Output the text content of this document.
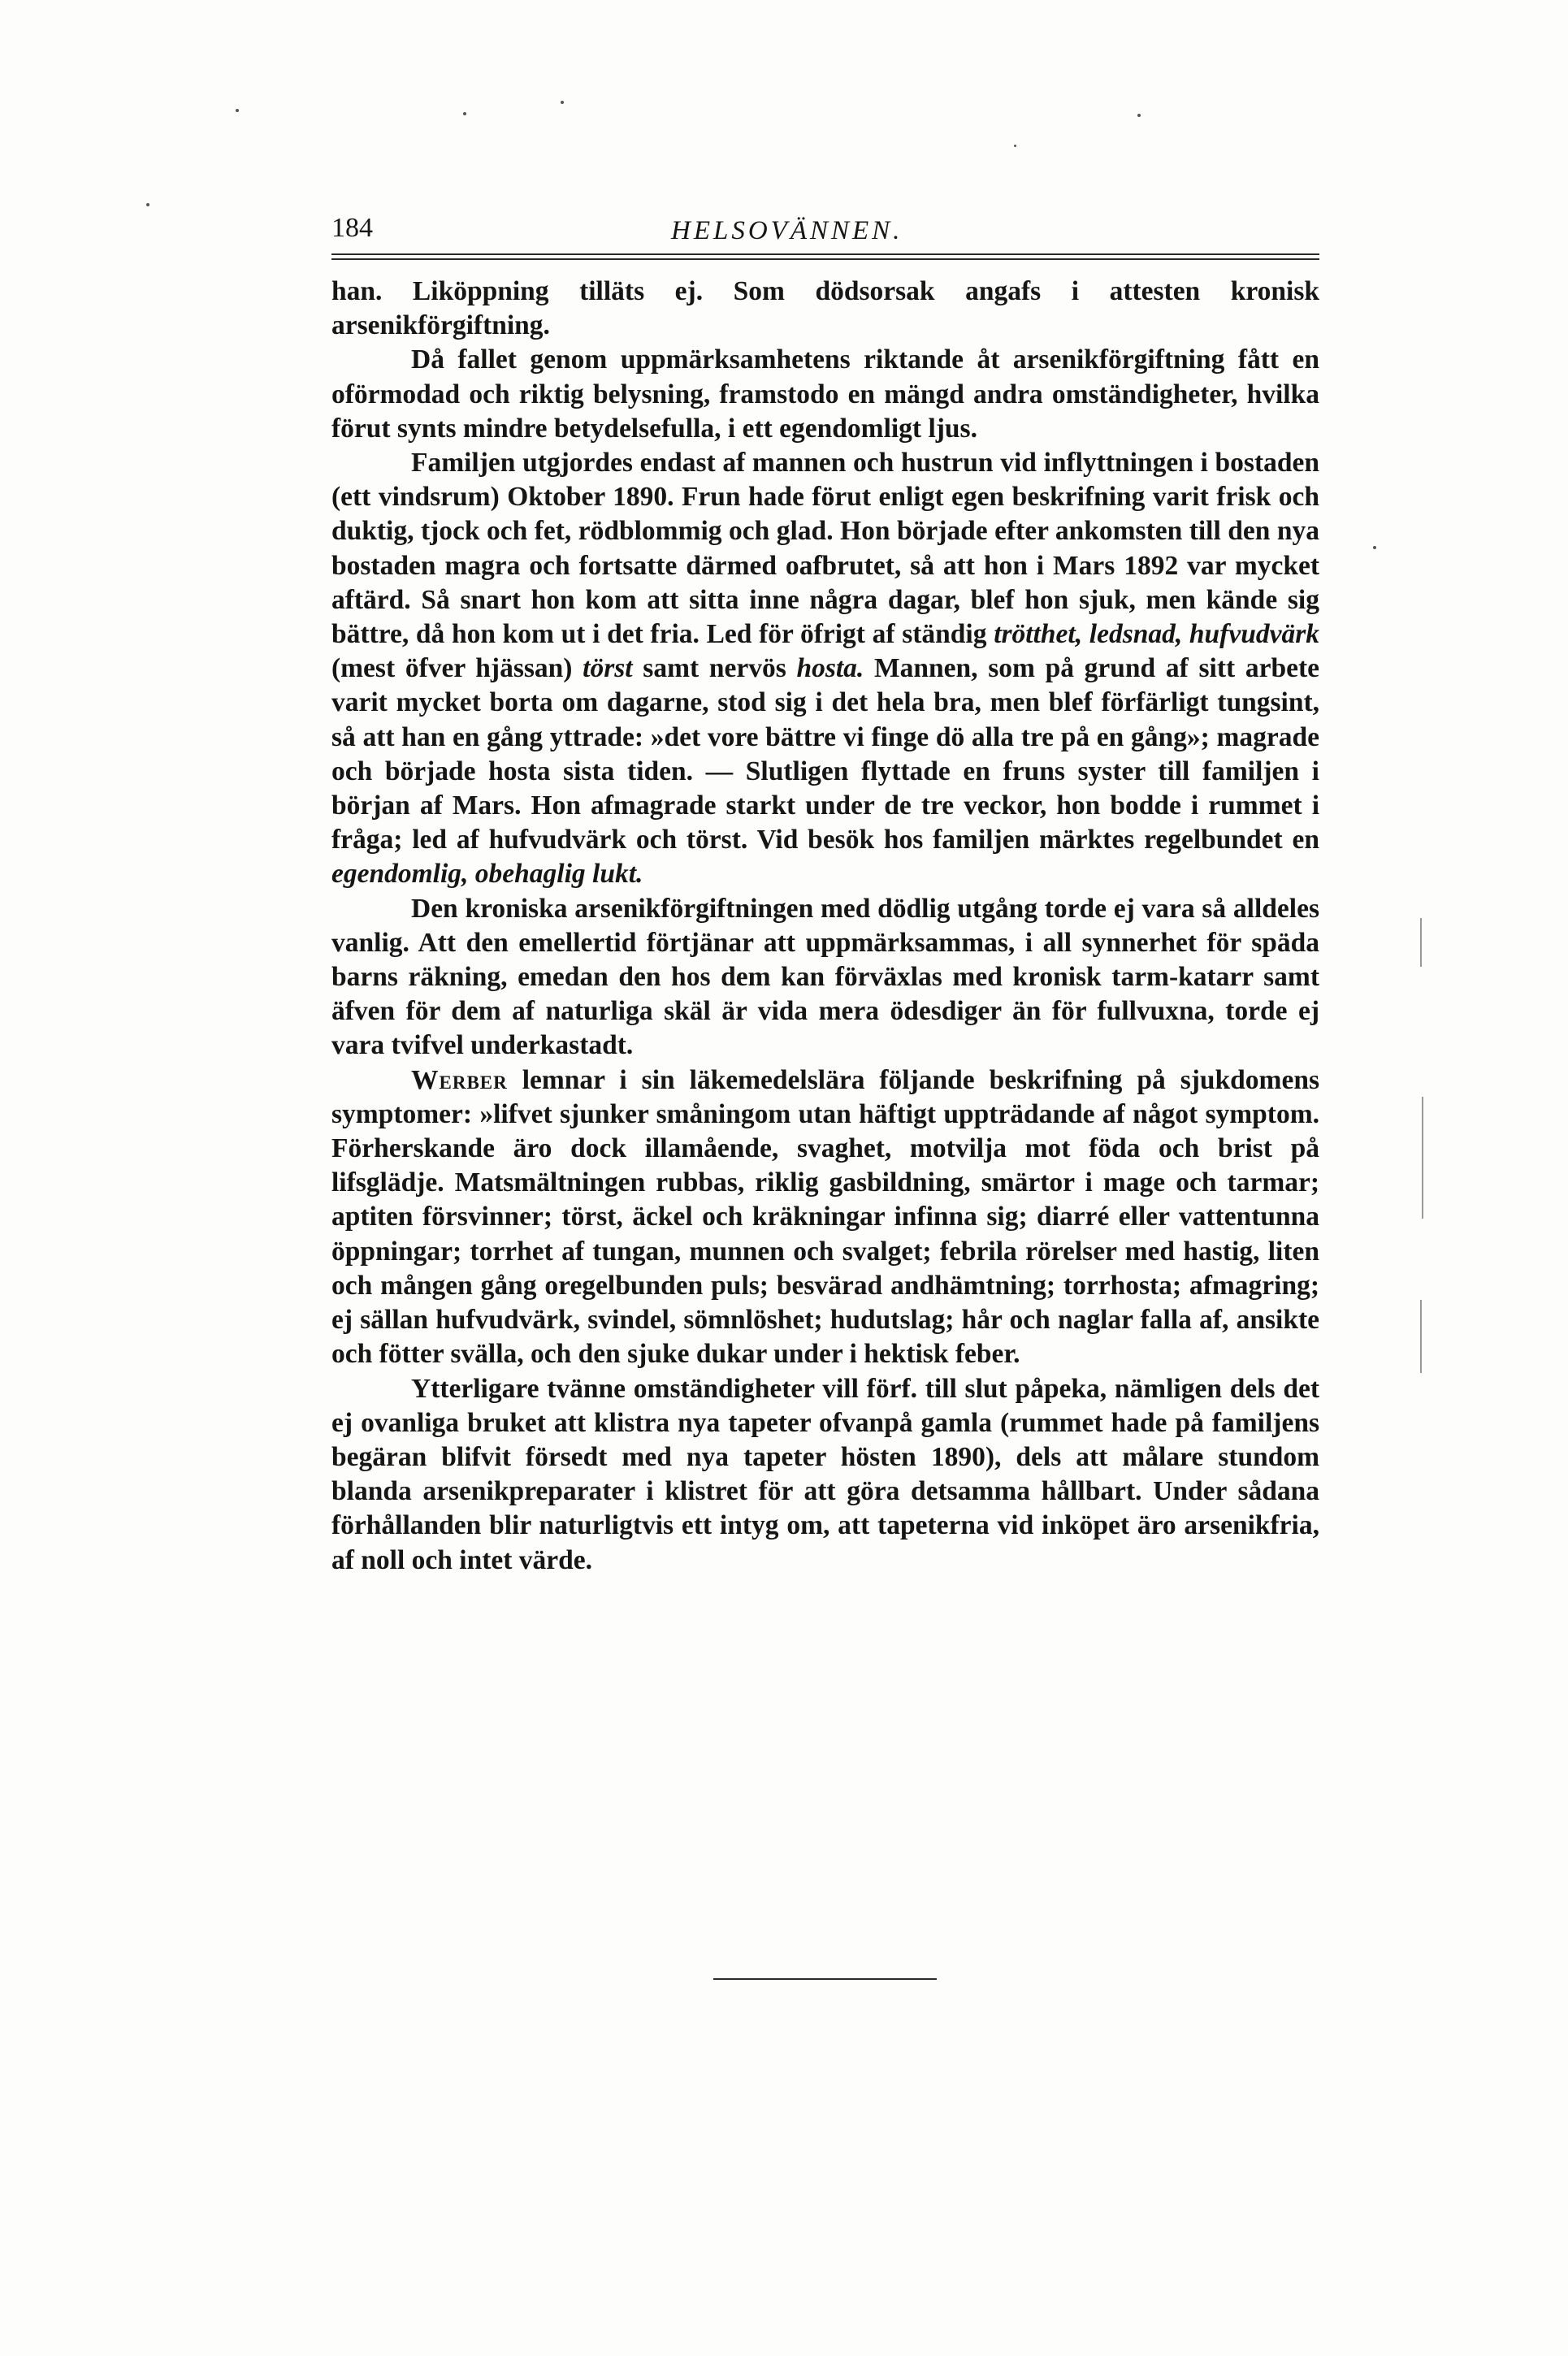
184	HELSOVÄNNEN.

han. Liköppning tilläts ej. Som dödsorsak angafs i attesten kronisk arsenikförgiftning.

Då fallet genom uppmärksamhetens riktande åt arsenikförgiftning fått en oförmodad och riktig belysning, framstodo en mängd andra omständigheter, hvilka förut synts mindre betydelsefulla, i ett egendomligt ljus.

Familjen utgjordes endast af mannen och hustrun vid inflyttningen i bostaden (ett vindsrum) Oktober 1890. Frun hade förut enligt egen beskrifning varit frisk och duktig, tjock och fet, rödblommig och glad. Hon började efter ankomsten till den nya bostaden magra och fortsatte därmed oafbrutet, så att hon i Mars 1892 var mycket aftärd. Så snart hon kom att sitta inne några dagar, blef hon sjuk, men kände sig bättre, då hon kom ut i det fria. Led för öfrigt af ständig trötthet, ledsnad, hufvudvärk (mest öfver hjässan) törst samt nervös hosta. Mannen, som på grund af sitt arbete varit mycket borta om dagarne, stod sig i det hela bra, men blef förfärligt tungsint, så att han en gång yttrade: »det vore bättre vi finge dö alla tre på en gång»; magrade och började hosta sista tiden. — Slutligen flyttade en fruns syster till familjen i början af Mars. Hon afmagrade starkt under de tre veckor, hon bodde i rummet i fråga; led af hufvudvärk och törst. Vid besök hos familjen märktes regelbundet en egendomlig, obehaglig lukt.

Den kroniska arsenikförgiftningen med dödlig utgång torde ej vara så alldeles vanlig. Att den emellertid förtjänar att uppmärksammas, i all synnerhet för späda barns räkning, emedan den hos dem kan förväxlas med kronisk tarm-katarr samt äfven för dem af naturliga skäl är vida mera ödesdiger än för fullvuxna, torde ej vara tvifvel underkastadt.

Werber lemnar i sin läkemedelslära följande beskrifning på sjukdomens symptomer: »lifvet sjunker småningom utan häftigt uppträdande af något symptom. Förherskande äro dock illamående, svaghet, motvilja mot föda och brist på lifsglädje. Matsmältningen rubbas, riklig gasbildning, smärtor i mage och tarmar; aptiten försvinner; törst, äckel och kräkningar infinna sig; diarré eller vattentunna öppningar; torrhet af tungan, munnen och svalget; febrila rörelser med hastig, liten och mången gång oregelbunden puls; besvärad andhämtning; torrhosta; afmagring; ej sällan hufvudvärk, svindel, sömnlöshet; hudutslag; hår och naglar falla af, ansikte och fötter svälla, och den sjuke dukar under i hektisk feber.

Ytterligare tvänne omständigheter vill förf. till slut påpeka, nämligen dels det ej ovanliga bruket att klistra nya tapeter ofvanpå gamla (rummet hade på familjens begäran blifvit försedt med nya tapeter hösten 1890), dels att målare stundom blanda arsenikpreparater i klistret för att göra detsamma hållbart. Under sådana förhållanden blir naturligtvis ett intyg om, att tapeterna vid inköpet äro arsenikfria, af noll och intet värde.
